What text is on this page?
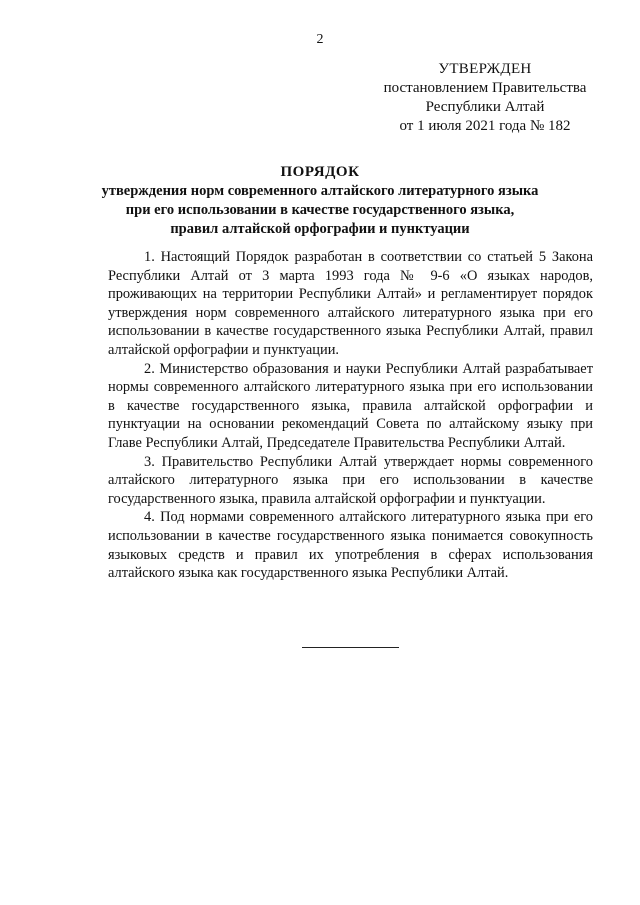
2
УТВЕРЖДЕН
постановлением Правительства
Республики Алтай
от 1 июля 2021 года № 182
ПОРЯДОК
утверждения норм современного алтайского литературного языка
при его использовании в качестве государственного языка,
правил алтайской орфографии и пунктуации

1. Настоящий Порядок разработан в соответствии со статьей 5 Закона Республики Алтай от 3 марта 1993 года № 9-6 «О языках народов, проживающих на территории Республики Алтай» и регламентирует порядок утверждения норм современного алтайского литературного языка при его использовании в качестве государственного языка Республики Алтай, правил алтайской орфографии и пунктуации.

2. Министерство образования и науки Республики Алтай разрабатывает нормы современного алтайского литературного языка при его использовании в качестве государственного языка, правила алтайской орфографии и пунктуации на основании рекомендаций Совета по алтайскому языку при Главе Республики Алтай, Председателе Правительства Республики Алтай.

3. Правительство Республики Алтай утверждает нормы современного алтайского литературного языка при его использовании в качестве государственного языка, правила алтайской орфографии и пунктуации.

4. Под нормами современного алтайского литературного языка при его использовании в качестве государственного языка понимается совокупность языковых средств и правил их употребления в сферах использования алтайского языка как государственного языка Республики Алтай.
